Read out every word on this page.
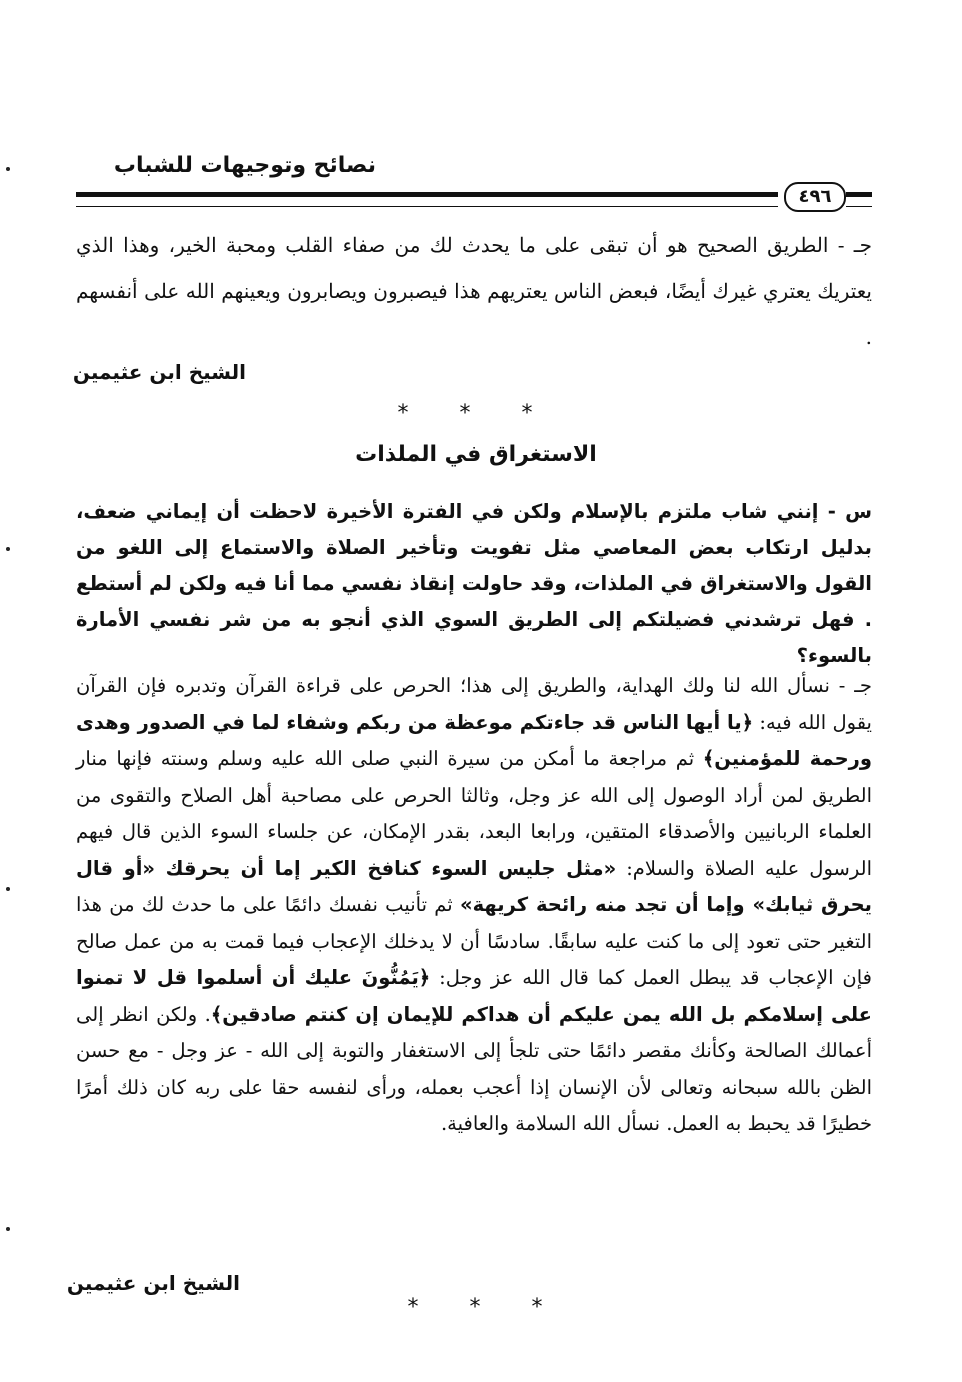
نصائح وتوجيهات للشباب
٤٩٦
جـ - الطريق الصحيح هو أن تبقى على ما يحدث لك من صفاء القلب ومحبة الخير، وهذا الذي يعتريك يعتري غيرك أيضًا، فبعض الناس يعتريهم هذا فيصبرون ويصابرون ويعينهم الله على أنفسهم .
الشيخ ابن عثيمين
* * *
الاستغراق في الملذات
س - إنني شاب ملتزم بالإسلام ولكن في الفترة الأخيرة لاحظت أن إيماني ضعف، بدليل ارتكاب بعض المعاصي مثل تفويت وتأخير الصلاة والاستماع إلى اللغو من القول والاستغراق في الملذات، وقد حاولت إنقاذ نفسي مما أنا فيه ولكن لم أستطع . فهل ترشدني فضيلتكم إلى الطريق السوي الذي أنجو به من شر نفسي الأمارة بالسوء؟
جـ - نسأل الله لنا ولك الهداية، والطريق إلى هذا؛ الحرص على قراءة القرآن وتدبره فإن القرآن يقول الله فيه: ﴿يا أيها الناس قد جاءتكم موعظة من ربكم وشفاء لما في الصدور وهدى ورحمة للمؤمنين﴾ ثم مراجعة ما أمكن من سيرة النبي صلى الله عليه وسلم وسنته فإنها منار الطريق لمن أراد الوصول إلى الله عز وجل، وثالثا الحرص على مصاحبة أهل الصلاح والتقوى من العلماء الربانيين والأصدقاء المتقين، ورابعا البعد، بقدر الإمكان، عن جلساء السوء الذين قال فيهم الرسول عليه الصلاة والسلام: «مثل جليس السوء كنافخ الكير إما أن يحرقك «أو قال يحرق ثيابك» وإما أن تجد منه رائحة كريهة» ثم تأنيب نفسك دائمًا على ما حدث لك من هذا التغير حتى تعود إلى ما كنت عليه سابقًا. سادسًا أن لا يدخلك الإعجاب فيما قمت به من عمل صالح فإن الإعجاب قد يبطل العمل كما قال الله عز وجل: ﴿يَمُنُّونَ عليك أن أسلموا قل لا تمنوا على إسلامكم بل الله يمن عليكم أن هداكم للإيمان إن كنتم صادقين﴾. ولكن انظر إلى أعمالك الصالحة وكأنك مقصر دائمًا حتى تلجأ إلى الاستغفار والتوبة إلى الله - عز وجل - مع حسن الظن بالله سبحانه وتعالى لأن الإنسان إذا أعجب بعمله، ورأى لنفسه حقا على ربه كان ذلك أمرًا خطيرًا قد يحبط به العمل. نسأل الله السلامة والعافية.
الشيخ ابن عثيمين
* * *
